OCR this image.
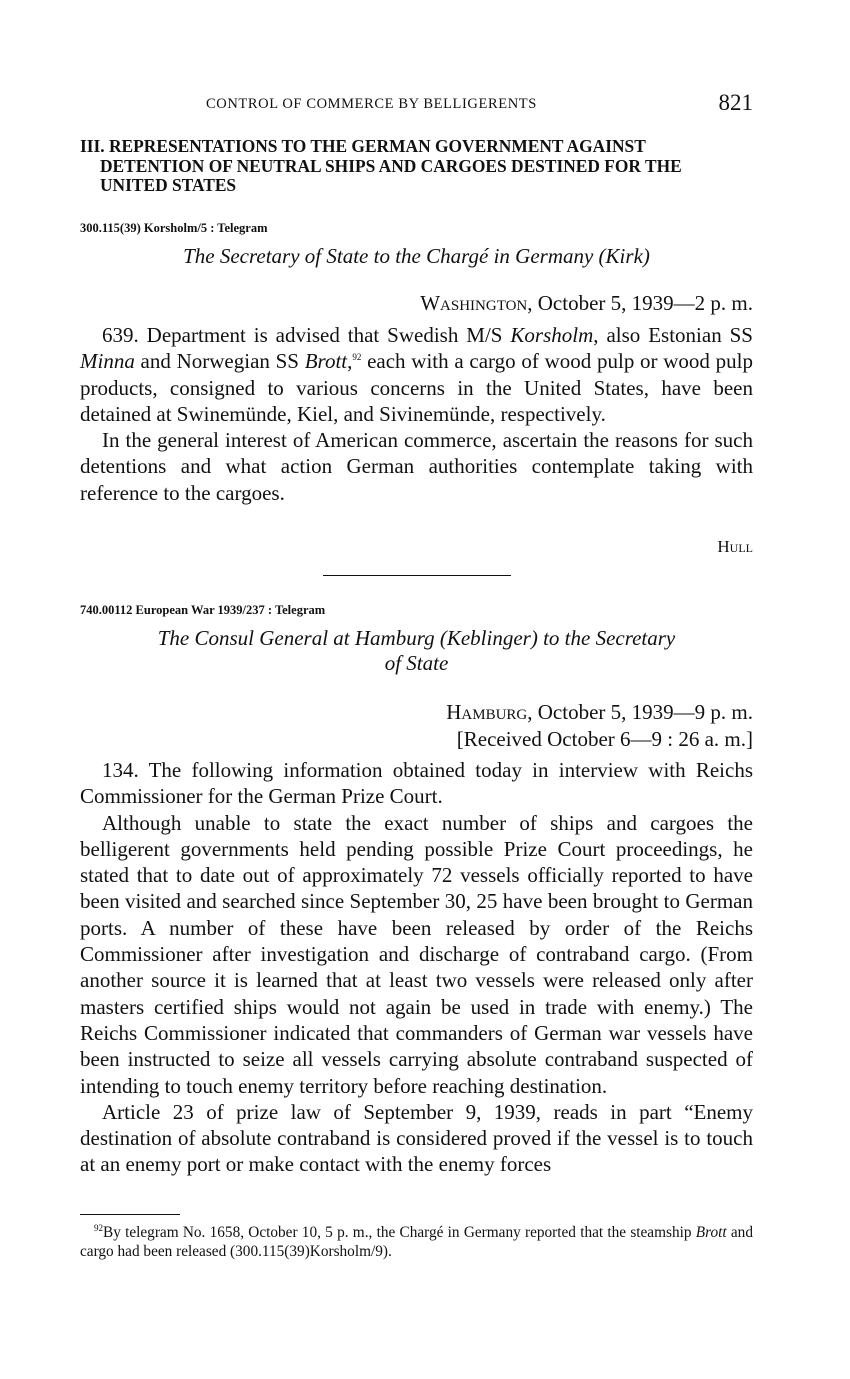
CONTROL OF COMMERCE BY BELLIGERENTS	821
III. REPRESENTATIONS TO THE GERMAN GOVERNMENT AGAINST
DETENTION OF NEUTRAL SHIPS AND CARGOES DESTINED FOR THE
UNITED STATES
300.115(39) Korsholm/5 : Telegram
The Secretary of State to the Chargé in Germany (Kirk)
Washington, October 5, 1939—2 p. m.

639. Department is advised that Swedish M/S Korsholm, also Estonian SS Minna and Norwegian SS Brott,$^{92}$ each with a cargo of wood pulp or wood pulp products, consigned to various concerns in the United States, have been detained at Swinemünde, Kiel, and Sivinemünde, respectively.

In the general interest of American commerce, ascertain the reasons for such detentions and what action German authorities contemplate taking with reference to the cargoes.

Hull
740.00112 European War 1939/237 : Telegram
The Consul General at Hamburg (Keblinger) to the Secretary
of State
Hamburg, October 5, 1939—9 p. m.
[Received October 6—9 : 26 a. m.]

134. The following information obtained today in interview with Reichs Commissioner for the German Prize Court.

Although unable to state the exact number of ships and cargoes the belligerent governments held pending possible Prize Court proceedings, he stated that to date out of approximately 72 vessels officially reported to have been visited and searched since September 30, 25 have been brought to German ports. A number of these have been released by order of the Reichs Commissioner after investigation and discharge of contraband cargo. (From another source it is learned that at least two vessels were released only after masters certified ships would not again be used in trade with enemy.) The Reichs Commissioner indicated that commanders of German war vessels have been instructed to seize all vessels carrying absolute contraband suspected of intending to touch enemy territory before reaching destination.

Article 23 of prize law of September 9, 1939, reads in part “Enemy destination of absolute contraband is considered proved if the vessel is to touch at an enemy port or make contact with the enemy forces

$^{92}$By telegram No. 1658, October 10, 5 p. m., the Chargé in Germany reported that the steamship Brott and cargo had been released (300.115(39)Korsholm/9).
